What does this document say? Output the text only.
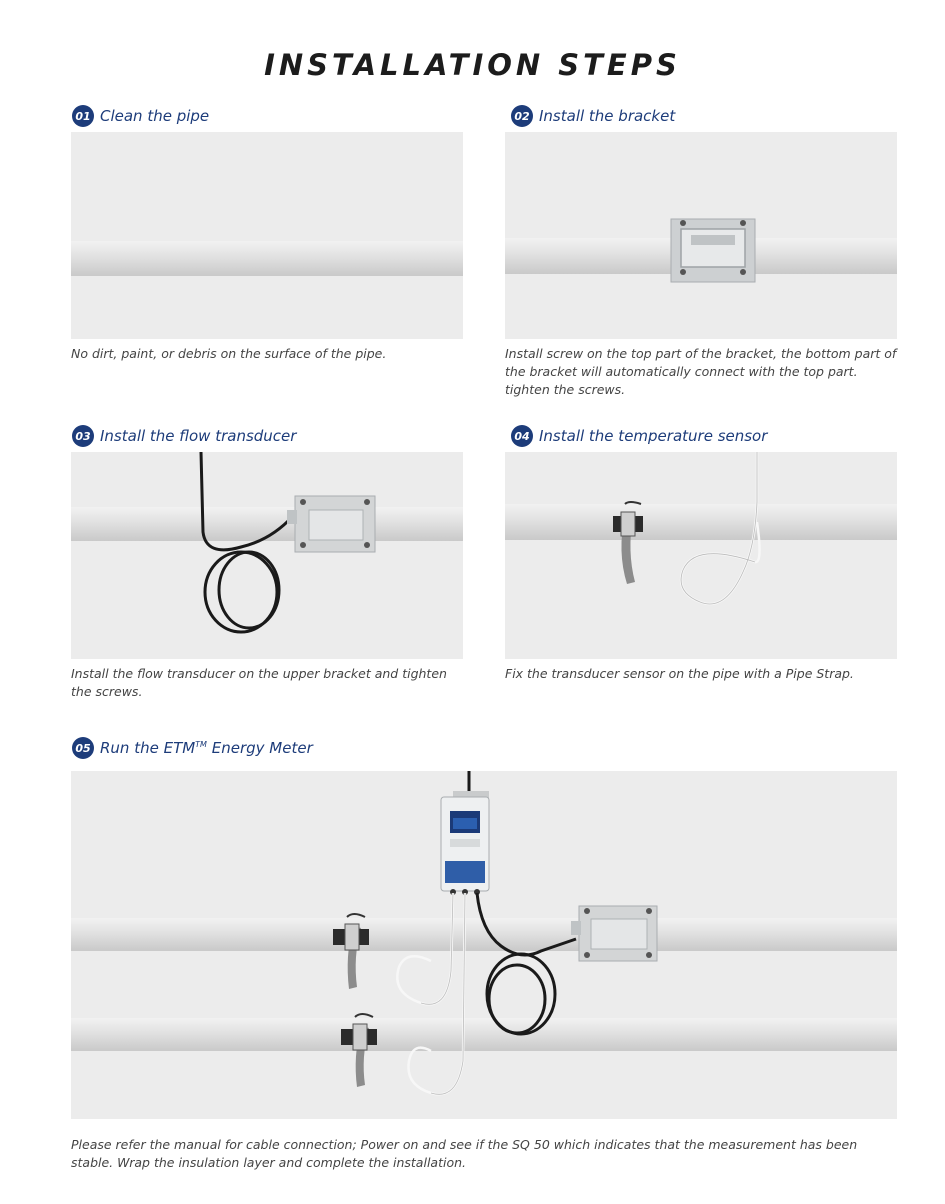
INSTALLATION STEPS
01 Clean the pipe
No dirt, paint, or debris on the surface of the pipe.
02 Install the bracket
Install screw on the top part of the bracket, the bottom part of the bracket will automatically connect with the top part. tighten the screws.
03 Install the flow transducer
Install the flow transducer on the upper bracket and tighten the screws.
04 Install the temperature sensor
Fix the transducer sensor on the pipe with a Pipe Strap.
05 Run the ETM™ Energy Meter
Please refer the manual for cable connection; Power on and see if the SQ 50 which indicates that the measurement has been stable. Wrap the insulation layer and complete the installation.
